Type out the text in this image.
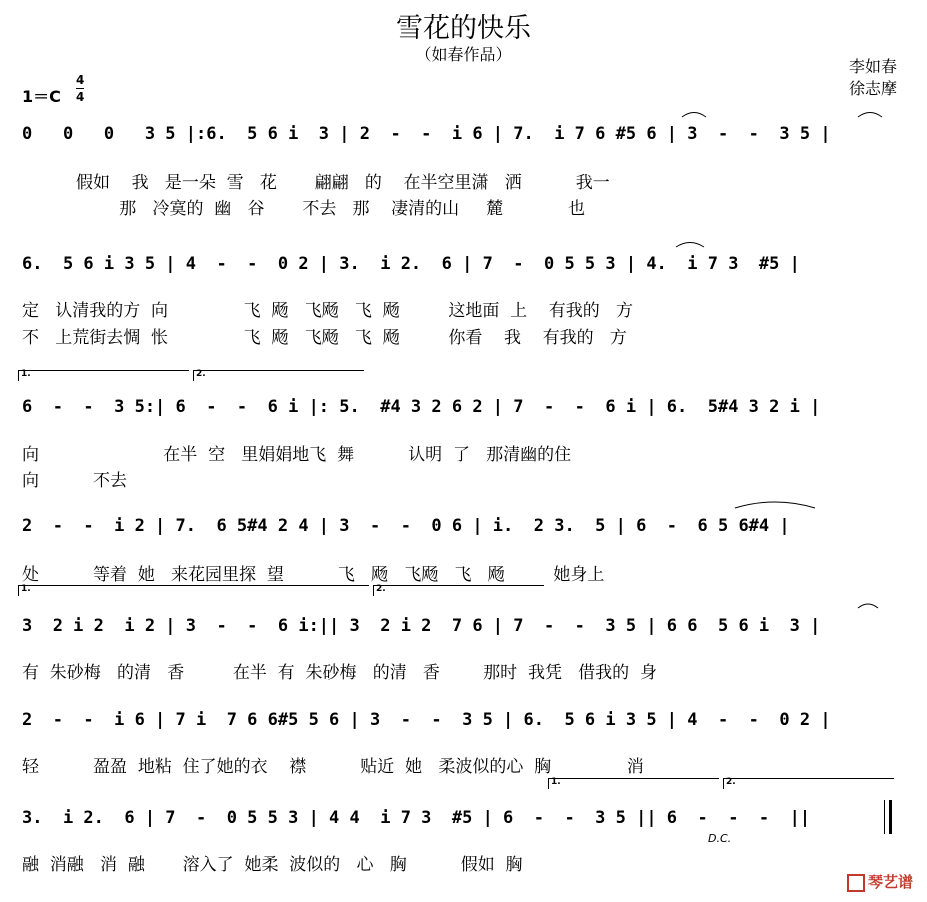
雪花的快乐
（如春作品）
李如春
徐志摩
1＝C
4
4
0   0   0   3 5 |:6.  5 6 i  3 | 2  -  -  i 6 | 7.  i 7 6 #5 6 | 3  -  -  3 5 |
假如    我   是一朵  雪   花       翩翩   的    在半空里潇   洒          我一
那   冷寞的  幽   谷       不去   那    凄清的山     麓            也
6.  5 6 i 3 5 | 4  -  -  0 2 | 3.  i 2.  6 | 7  -  0 5 5 3 | 4.  i 7 3  #5 |
定   认清我的方  向              飞  飏   飞飏   飞  飏         这地面  上    有我的   方
不   上荒街去惆  怅              飞  飏   飞飏   飞  飏         你看    我    有我的   方
1.	2.
6  -  -  3 5:| 6  -  -  6 i |: 5.  #4 3 2 6 2 | 7  -  -  6 i | 6.  5#4 3 2 i |
向                       在半  空   里娟娟地飞  舞          认明  了   那清幽的住
向          不去
2  -  -  i 2 | 7.  6 5#4 2 4 | 3  -  -  0 6 | i.  2 3.  5 | 6  -  6 5 6#4 |
处          等着  她   来花园里探  望          飞   飏   飞飏   飞   飏         她身上
1.	2.
3  2 i 2  i 2 | 3  -  -  6 i:|| 3  2 i 2  7 6 | 7  -  -  3 5 | 6 6  5 6 i  3 |
有  朱砂梅   的清   香         在半  有  朱砂梅   的清   香        那时  我凭   借我的  身
2  -  -  i 6 | 7 i  7 6 6#5 5 6 | 3  -  -  3 5 | 6.  5 6 i 3 5 | 4  -  -  0 2 |
轻          盈盈  地粘  住了她的衣    襟          贴近  她   柔波似的心  胸              消
1.	2.
3.  i 2.  6 | 7  -  0 5 5 3 | 4 4  i 7 3  #5 | 6  -  -  3 5 || 6  -  -  -  ||
D.C.
融  消融   消  融       溶入了  她柔  波似的   心   胸          假如  胸
琴艺谱
